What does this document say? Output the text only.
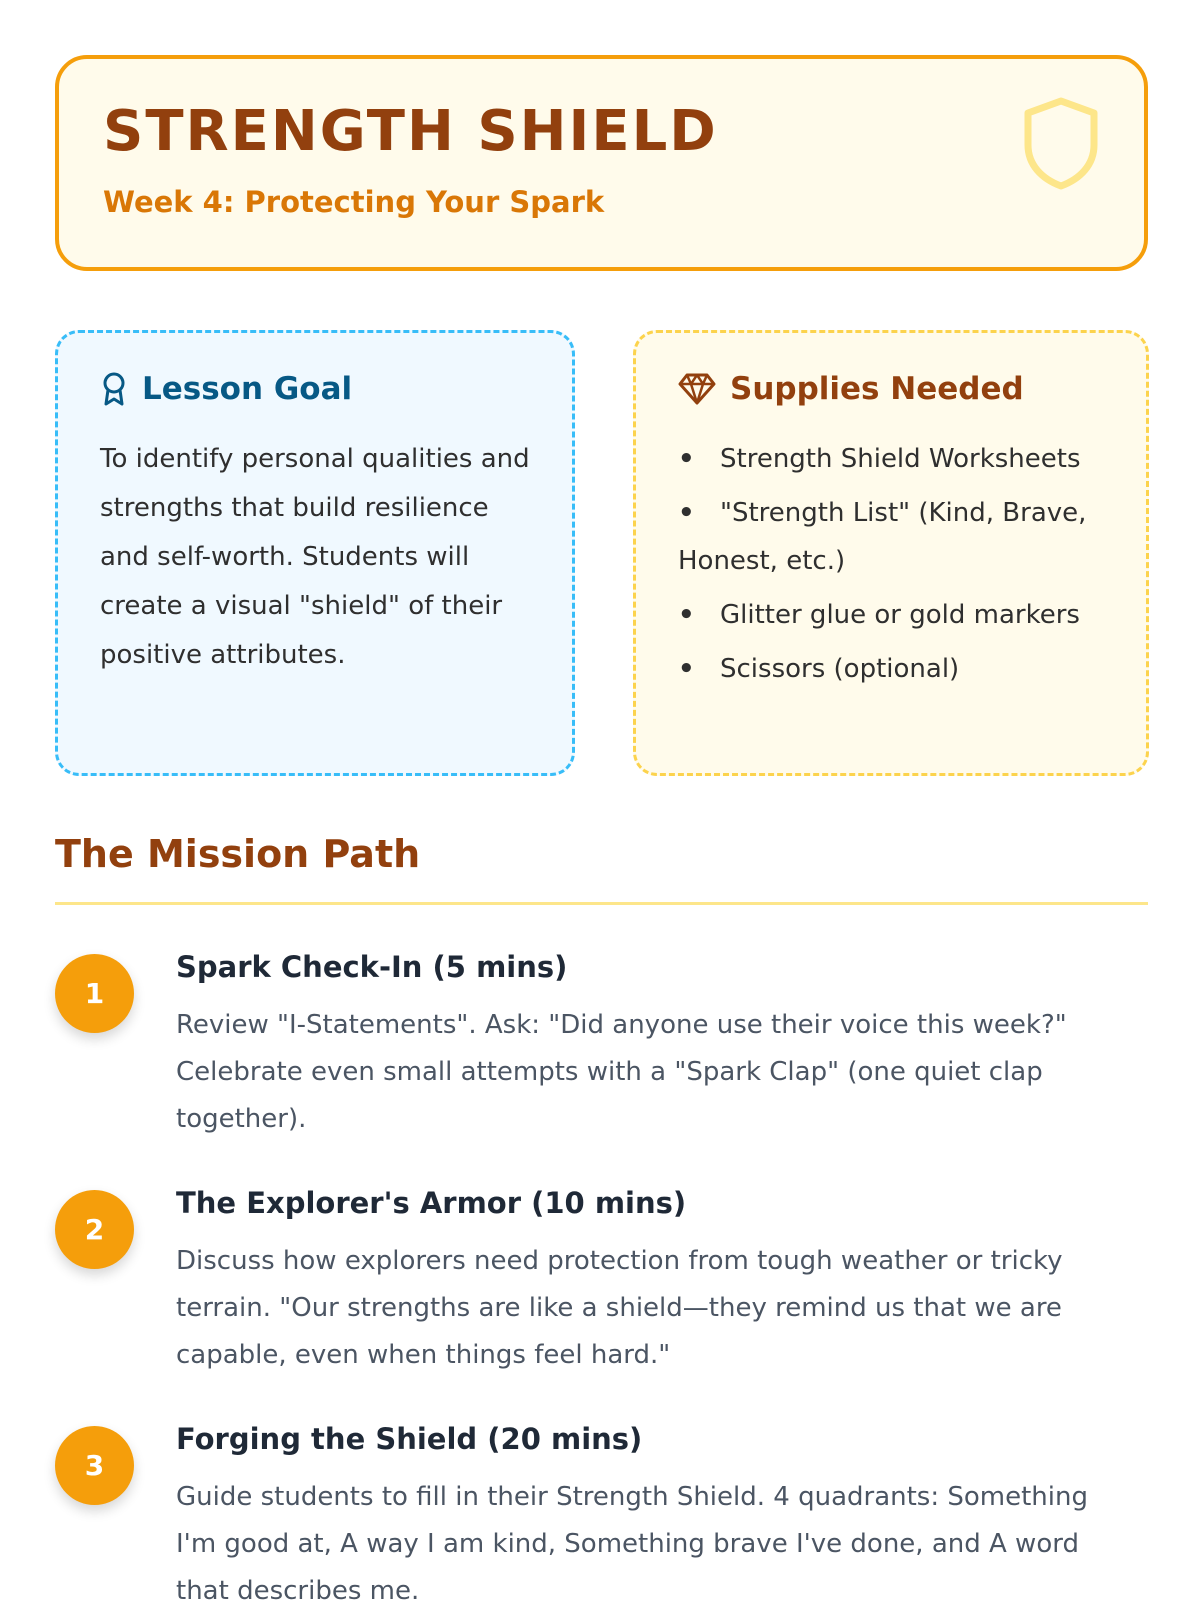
STRENGTH SHIELD
Week 4: Protecting Your Spark
Lesson Goal
To identify personal qualities and strengths that build resilience and self-worth. Students will create a visual "shield" of their positive attributes.
Supplies Needed
• Strength Shield Worksheets
• "Strength List" (Kind, Brave, Honest, etc.)
• Glitter glue or gold markers
• Scissors (optional)
The Mission Path
1
Spark Check-In (5 mins)
Review "I-Statements". Ask: "Did anyone use their voice this week?" Celebrate even small attempts with a "Spark Clap" (one quiet clap together).
2
The Explorer's Armor (10 mins)
Discuss how explorers need protection from tough weather or tricky terrain. "Our strengths are like a shield—they remind us that we are capable, even when things feel hard."
3
Forging the Shield (20 mins)
Guide students to fill in their Strength Shield. 4 quadrants: Something I'm good at, A way I am kind, Something brave I've done, and A word that describes me.
